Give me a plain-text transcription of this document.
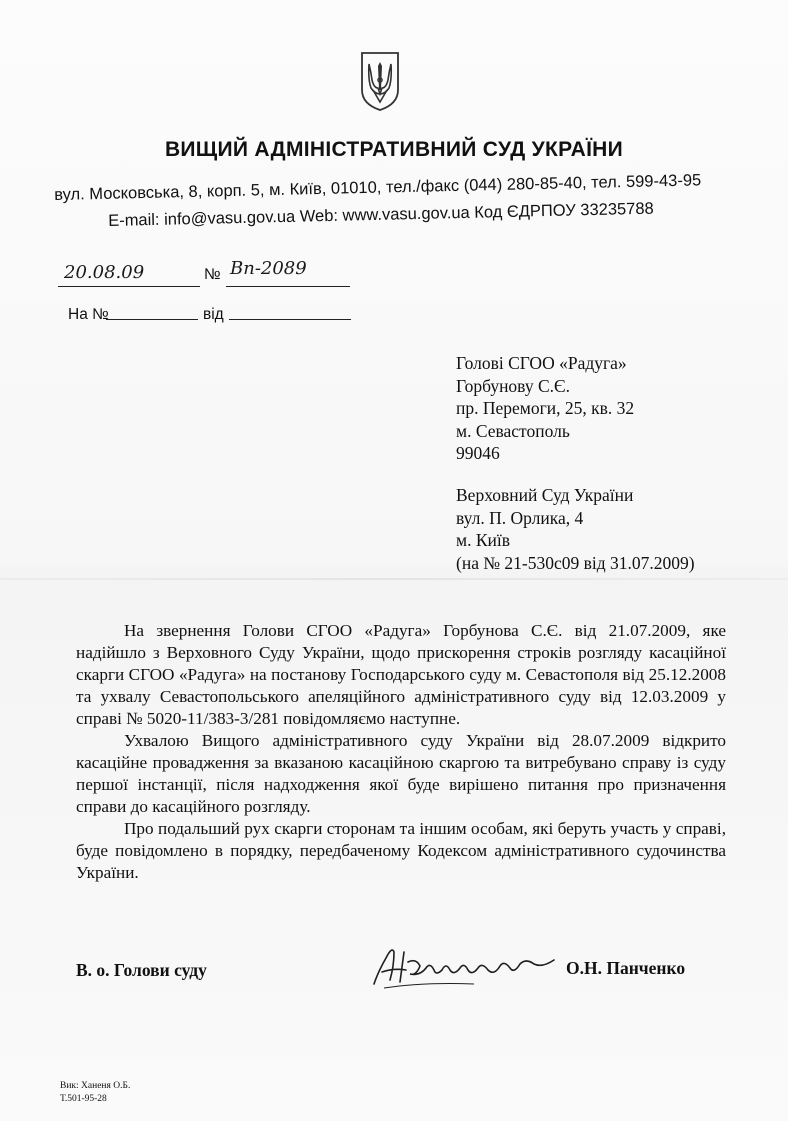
ВИЩИЙ АДМІНІСТРАТИВНИЙ СУД УКРАЇНИ
вул. Московська, 8, корп. 5, м. Київ, 01010, тел./факс (044) 280-85-40, тел. 599-43-95
E-mail: info@vasu.gov.ua Web: www.vasu.gov.ua Код ЄДРПОУ 33235788
20.08.09	№ Вп-2089
На №	від
Голові СГОО «Радуга»
Горбунову С.Є.
пр. Перемоги, 25, кв. 32
м. Севастополь
99046
Верховний Суд України
вул. П. Орлика, 4
м. Київ
(на № 21-530с09 від 31.07.2009)

На звернення Голови СГОО «Радуга» Горбунова С.Є. від 21.07.2009, яке надійшло з Верховного Суду України, щодо прискорення строків розгляду касаційної скарги СГОО «Радуга» на постанову Господарського суду м. Севастополя від 25.12.2008 та ухвалу Севастопольського апеляційного адміністративного суду від 12.03.2009 у справі № 5020-11/383-3/281 повідомляємо наступне.

Ухвалою Вищого адміністративного суду України від 28.07.2009 відкрито касаційне провадження за вказаною касаційною скаргою та витребувано справу із суду першої інстанції, після надходження якої буде вирішено питання про призначення справи до касаційного розгляду.

Про подальший рух скарги сторонам та іншим особам, які беруть участь у справі, буде повідомлено в порядку, передбаченому Кодексом адміністративного судочинства України.

В. о. Голови суду	О.Н. Панченко
Вик: Ханеня О.Б.
Т.501-95-28
